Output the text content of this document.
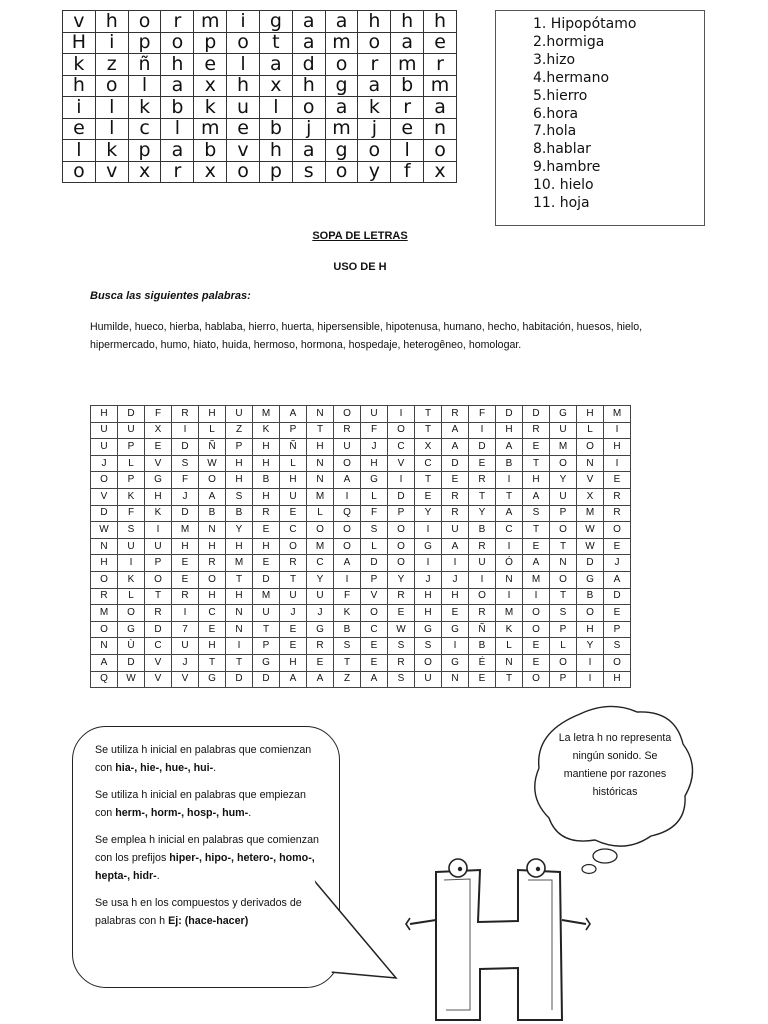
v	h	o	r	m	i	g	a	a	h	h	h
H	i	p	o	p	o	t	a	m	o	a	e
k	z	ñ	h	e	l	a	d	o	r	m	r
h	o	l	a	x	h	x	h	g	a	b	m
i	l	k	b	k	u	l	o	a	k	r	a
e	l	c	l	m	e	b	j	m	j	e	n
l	k	p	a	b	v	h	a	g	o	l	o
o	v	x	r	x	o	p	s	o	y	f	x
1. Hipopótamo
2.hormiga
3.hizo
4.hermano
5.hierro
6.hora
7.hola
8.hablar
9.hambre
10. hielo
11. hoja
SOPA DE LETRAS
USO DE H
Busca las siguientes palabras:
Humilde, hueco, hierba, hablaba, hierro, huerta, hipersensible, hipotenusa, humano, hecho, habitación, huesos, hielo, hipermercado, humo, hiato, huida, hermoso, hormona, hospedaje, heterogêneo, homologar.
H	D	F	R	H	U	M	A	N	O	U	I	T	R	F	D	D	G	H	M
U	U	X	I	L	Z	K	P	T	R	F	O	T	A	I	H	R	U	L	I
U	P	E	D	Ñ	P	H	Ñ	H	U	J	C	X	A	D	A	E	M	O	H
J	L	V	S	W	H	H	L	N	O	H	V	C	D	E	B	T	O	N	I
O	P	G	F	O	H	B	H	N	A	G	I	T	E	R	I	H	Y	V	E
V	K	H	J	A	S	H	U	M	I	L	D	E	R	T	T	A	U	X	R
D	F	K	D	B	B	R	E	L	Q	F	P	Y	R	Y	A	S	P	M	R
W	S	I	M	N	Y	E	C	O	O	S	O	I	U	B	C	T	O	W	O
N	U	U	H	H	H	H	O	M	O	L	O	G	A	R	I	E	T	W	E
H	I	P	E	R	M	E	R	C	A	D	O	I	I	U	Ó	A	N	D	J
O	K	O	E	O	T	D	T	Y	I	P	Y	J	J	I	N	M	O	G	A
R	L	T	R	H	H	M	U	U	F	V	R	H	H	O	I	I	T	B	D
M	O	R	I	C	N	U	J	J	K	O	E	H	E	R	M	O	S	O	E
O	G	D	7	E	N	T	E	G	B	C	W	G	G	Ñ	K	O	P	H	P
N	Ù	C	U	H	I	P	E	R	S	E	S	S	I	B	L	E	L	Y	S
A	D	V	J	T	T	G	H	E	T	E	R	O	G	É	N	E	O	I	O
Q	W	V	V	G	D	D	A	A	Z	A	S	U	N	E	T	O	P	I	H
Se utiliza h inicial en palabras que comienzan con hia-, hie-, hue-, hui-.
Se utiliza h inicial en palabras que empiezan con herm-, horm-, hosp-, hum-.
Se emplea h inicial en palabras que comienzan con los prefijos hiper-, hipo-, hetero-, homo-, hepta-, hidr-.
Se usa h en los compuestos y derivados de palabras con h Ej: (hace-hacer)
La letra h no representa ningún sonido. Se mantiene por razones históricas
